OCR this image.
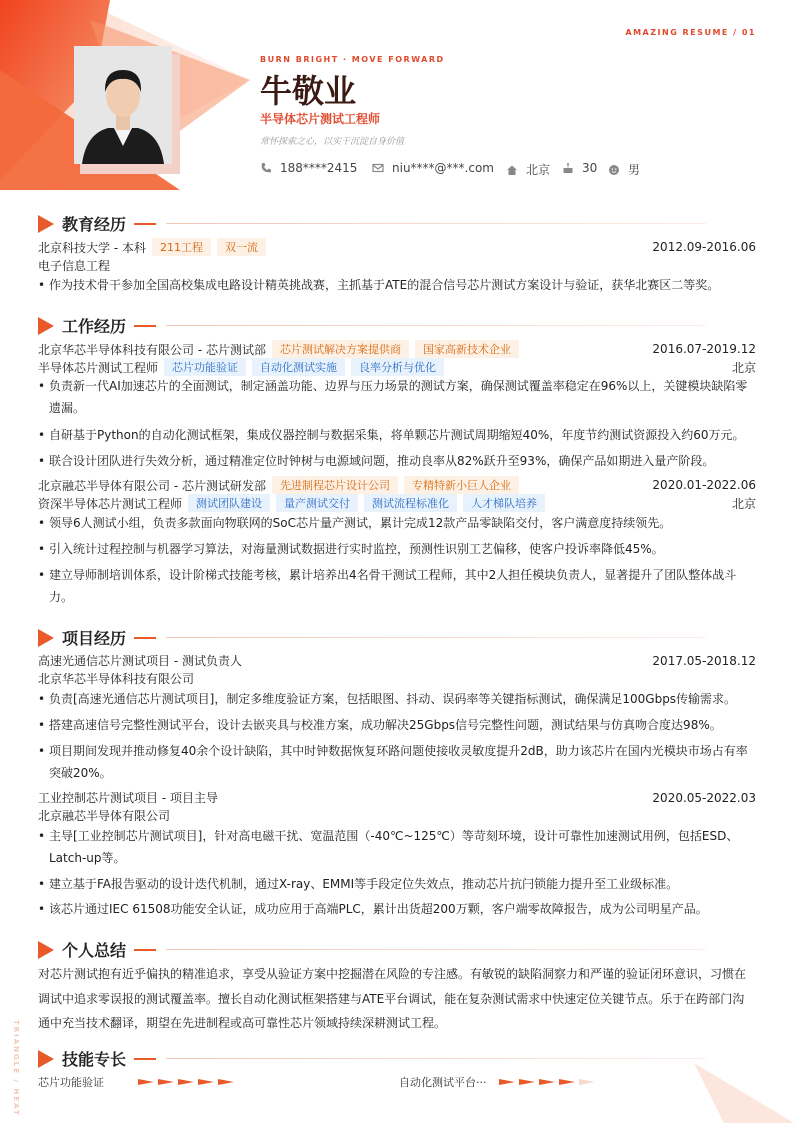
AMAZING RESUME / 01
BURN BRIGHT · MOVE FORWARD
牛敬业
半导体芯片测试工程师
常怀探索之心，以实干沉淀自身价值
188****2415	niu****@***.com	北京	30	男
教育经历
北京科技大学 - 本科	211工程	双一流	2012.09-2016.06
电子信息工程
• 作为技术骨干参加全国高校集成电路设计精英挑战赛，主抓基于ATE的混合信号芯片测试方案设计与验证，获华北赛区二等奖。
工作经历
北京华芯半导体科技有限公司 - 芯片测试部	芯片测试解决方案提供商	国家高新技术企业	2016.07-2019.12
半导体芯片测试工程师	芯片功能验证	自动化测试实施	良率分析与优化	北京
• 负责新一代AI加速芯片的全面测试，制定涵盖功能、边界与压力场景的测试方案，确保测试覆盖率稳定在96%以上，关键模块缺陷零遗漏。
• 自研基于Python的自动化测试框架，集成仪器控制与数据采集，将单颗芯片测试周期缩短40%，年度节约测试资源投入约60万元。
• 联合设计团队进行失效分析，通过精准定位时钟树与电源域问题，推动良率从82%跃升至93%，确保产品如期进入量产阶段。
北京融芯半导体有限公司 - 芯片测试研发部	先进制程芯片设计公司	专精特新小巨人企业	2020.01-2022.06
资深半导体芯片测试工程师	测试团队建设	量产测试交付	测试流程标准化	人才梯队培养	北京
• 领导6人测试小组，负责多款面向物联网的SoC芯片量产测试，累计完成12款产品零缺陷交付，客户满意度持续领先。
• 引入统计过程控制与机器学习算法，对海量测试数据进行实时监控，预测性识别工艺偏移，使客户投诉率降低45%。
• 建立导师制培训体系，设计阶梯式技能考核，累计培养出4名骨干测试工程师，其中2人担任模块负责人，显著提升了团队整体战斗力。
项目经历
高速光通信芯片测试项目 - 测试负责人	2017.05-2018.12
北京华芯半导体科技有限公司
• 负责[高速光通信芯片测试项目]，制定多维度验证方案，包括眼图、抖动、误码率等关键指标测试，确保满足100Gbps传输需求。
• 搭建高速信号完整性测试平台，设计去嵌夹具与校准方案，成功解决25Gbps信号完整性问题，测试结果与仿真吻合度达98%。
• 项目期间发现并推动修复40余个设计缺陷，其中时钟数据恢复环路问题使接收灵敏度提升2dB，助力该芯片在国内光模块市场占有率突破20%。
工业控制芯片测试项目 - 项目主导	2020.05-2022.03
北京融芯半导体有限公司
• 主导[工业控制芯片测试项目]，针对高电磁干扰、宽温范围（-40℃~125℃）等苛刻环境，设计可靠性加速测试用例，包括ESD、Latch-up等。
• 建立基于FA报告驱动的设计迭代机制，通过X-ray、EMMI等手段定位失效点，推动芯片抗闩锁能力提升至工业级标准。
• 该芯片通过IEC 61508功能安全认证，成功应用于高端PLC，累计出货超200万颗，客户端零故障报告，成为公司明星产品。
个人总结
对芯片测试抱有近乎偏执的精准追求，享受从验证方案中挖掘潜在风险的专注感。有敏锐的缺陷洞察力和严谨的验证闭环意识，习惯在调试中追求零误报的测试覆盖率。擅长自动化测试框架搭建与ATE平台调试，能在复杂测试需求中快速定位关键节点。乐于在跨部门沟通中充当技术翻译，期望在先进制程或高可靠性芯片领域持续深耕测试工程。
技能专长
芯片功能验证	自动化测试平台···
TRIANGLE / HEAT
